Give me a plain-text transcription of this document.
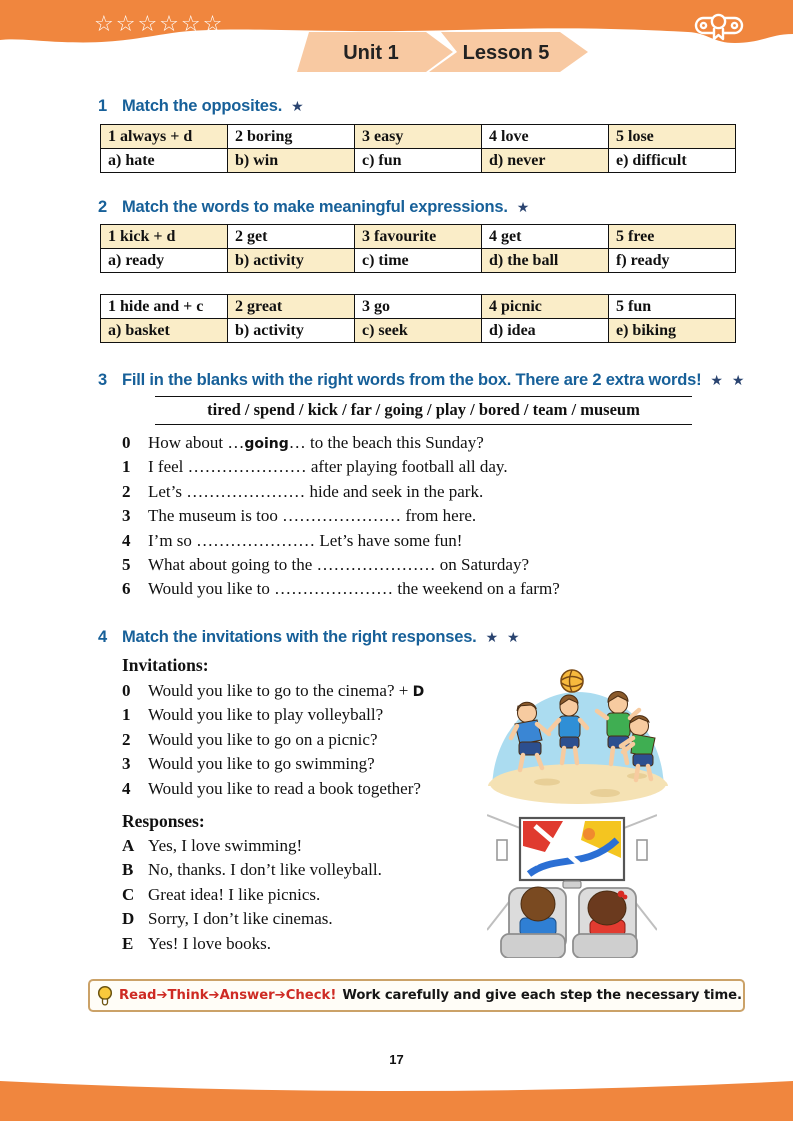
☆☆☆☆☆☆
Unit 1	Lesson 5
1 Match the opposites. ★
1 always + d	2 boring	3 easy	4 love	5 lose
a) hate	b) win	c) fun	d) never	e) difficult
2 Match the words to make meaningful expressions. ★
1 kick + d	2 get	3 favourite	4 get	5 free
a) ready	b) activity	c) time	d) the ball	f) ready
1 hide and + c	2 great	3 go	4 picnic	5 fun
a) basket	b) activity	c) seek	d) idea	e) biking
3 Fill in the blanks with the right words from the box. There are 2 extra words! ★ ★
tired / spend / kick / far / going / play / bored / team / museum
0	How about …going… to the beach this Sunday?
1	I feel ………………… after playing football all day.
2	Let’s ………………… hide and seek in the park.
3	The museum is too ………………… from here.
4	I’m so ………………… Let’s have some fun!
5	What about going to the ………………… on Saturday?
6	Would you like to ………………… the weekend on a farm?
4 Match the invitations with the right responses. ★ ★
Invitations:
0	Would you like to go to the cinema? + D
1	Would you like to play volleyball?
2	Would you like to go on a picnic?
3	Would you like to go swimming?
4	Would you like to read a book together?
Responses:
A Yes, I love swimming!
B No, thanks. I don’t like volleyball.
C Great idea! I like picnics.
D Sorry, I don’t like cinemas.
E Yes! I love books.
Read➔Think➔Answer➔Check! Work carefully and give each step the necessary time.
17
